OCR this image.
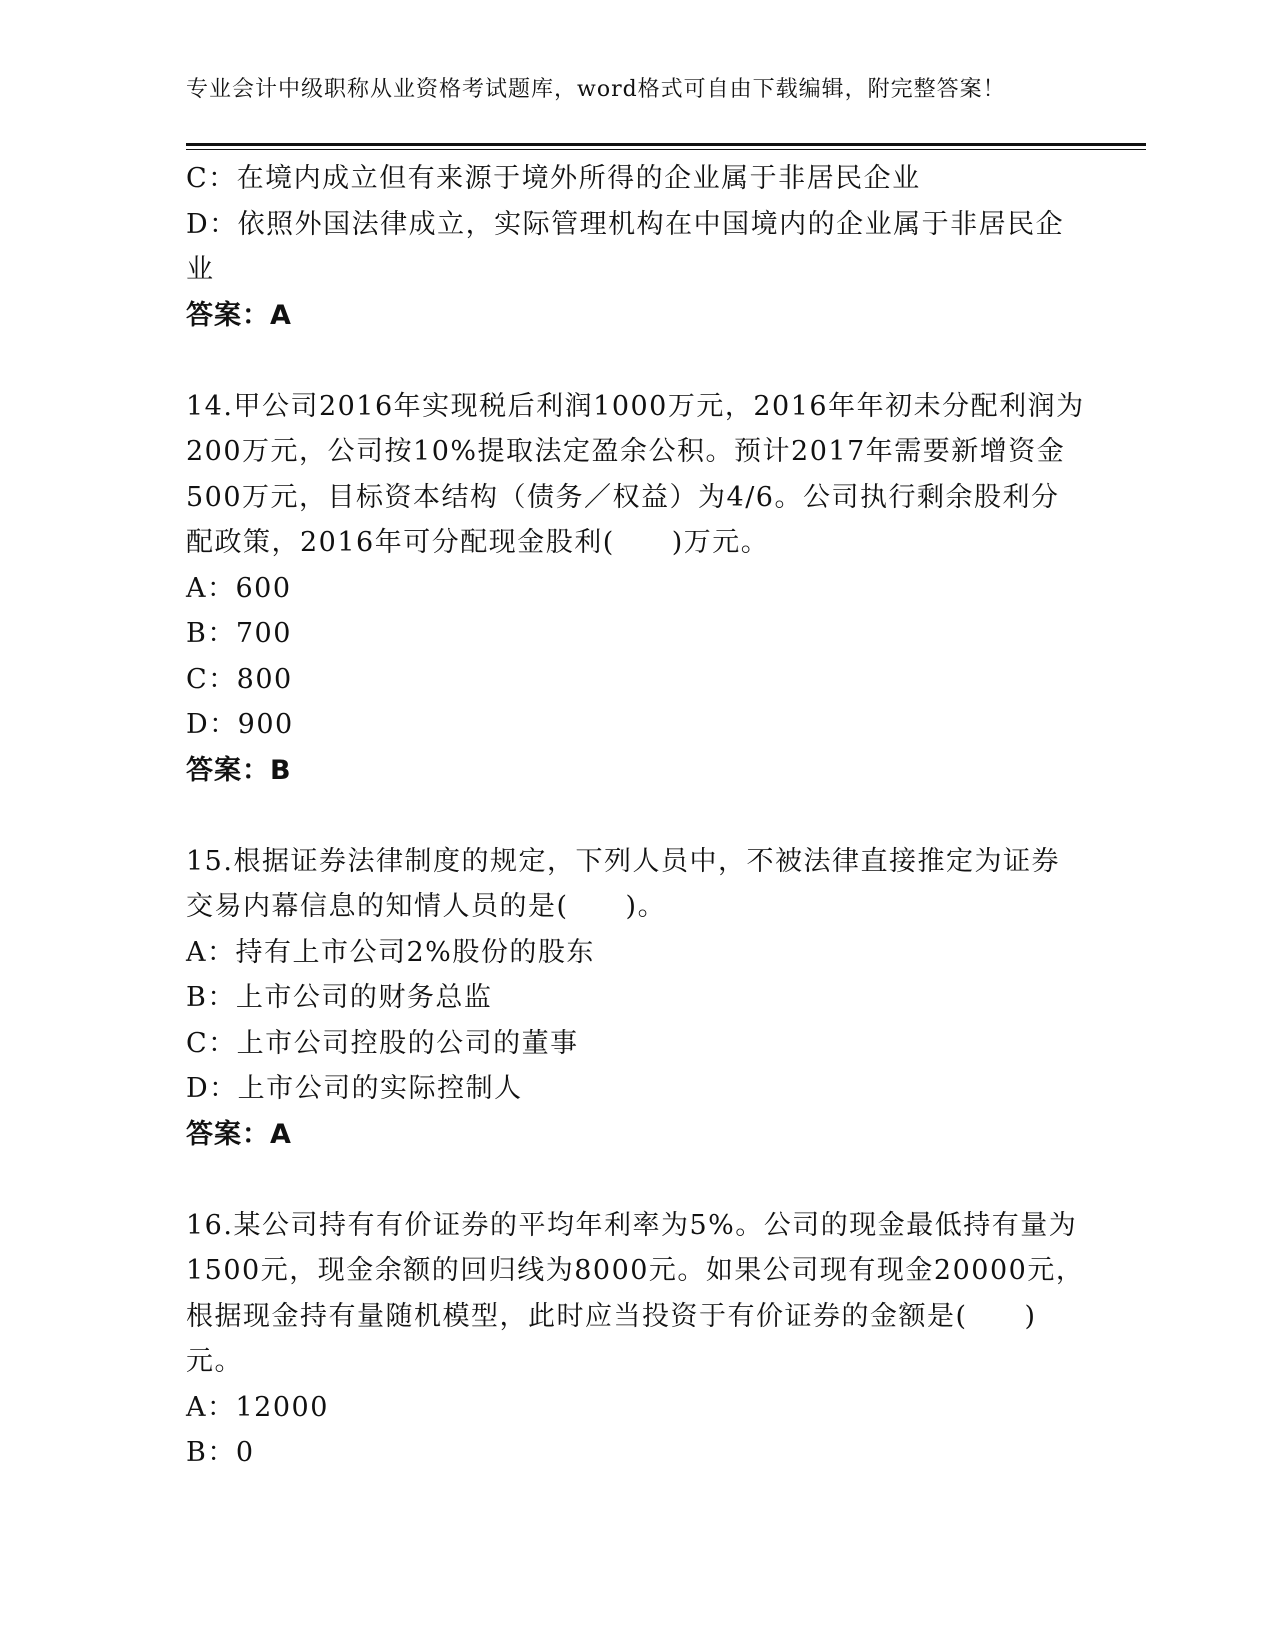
专业会计中级职称从业资格考试题库，word格式可自由下载编辑，附完整答案！
C：在境内成立但有来源于境外所得的企业属于非居民企业
D：依照外国法律成立，实际管理机构在中国境内的企业属于非居民企
业
答案：A
14.甲公司2016年实现税后利润1000万元，2016年年初未分配利润为
200万元，公司按10%提取法定盈余公积。预计2017年需要新增资金
500万元，目标资本结构（债务／权益）为4/6。公司执行剩余股利分
配政策，2016年可分配现金股利(　　)万元。
A：600
B：700
C：800
D：900
答案：B
15.根据证券法律制度的规定，下列人员中，不被法律直接推定为证券
交易内幕信息的知情人员的是(　　)。
A：持有上市公司2%股份的股东
B：上市公司的财务总监
C：上市公司控股的公司的董事
D：上市公司的实际控制人
答案：A
16.某公司持有有价证券的平均年利率为5%。公司的现金最低持有量为
1500元，现金余额的回归线为8000元。如果公司现有现金20000元，
根据现金持有量随机模型，此时应当投资于有价证券的金额是(　　)
元。
A：12000
B：0
